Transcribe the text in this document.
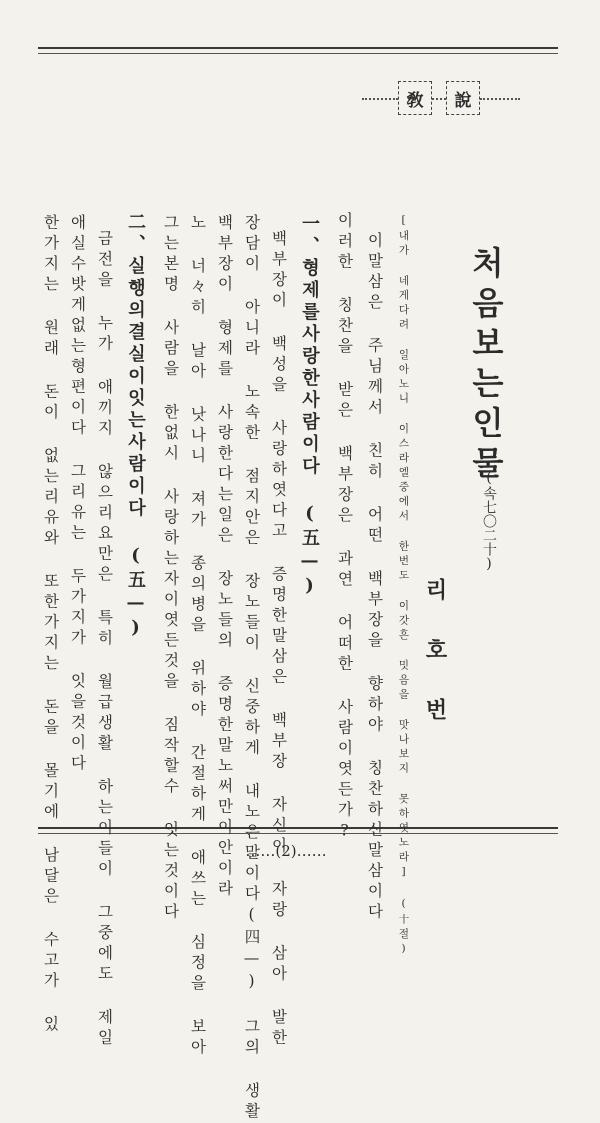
敎	說
처음보는인물
(속七〇二十)
리호번
[내가 네게다려 일아노니 이스라엘중에서 한번도 이갓흔 밋음을 맛나보지 못하엿노라] (十절)
이말삼은 주님께서 친히 어떤 백부장을 향하야 칭찬하신말삼이다
이러한 칭찬을 받은 백부장은 과연 어떠한 사람이엿든가?
一、형제를사랑한사람이다 (五—)
백부장이 백성을 사랑하엿다고 증명한말삼은 백부장 자신이 자랑 삼아 발한
장담이 아니라 노속한 점지안은 장노들이 신중하게 내노은말이다(四—) 그의 생활
백부장이 형제를 사랑한다는일은 장노들의 증명한말노써만이안이라
노 너々히 날아 낫나니 져가 종의병을 위하야 간절하게 애쓰는 심정을 보아
그는본명 사람을 한없시 사랑하는자이엿든것을 짐작할수 잇는것이다
二、실행의결실이잇는사람이다 (五—)
금전을 누가 애끼지 않으리요만은 특히 월급생활 하는이들이 그중에도 제일
애실수밧게없는형편이다 그리유는 두가지가 잇을것이다
한가지는 원래 돈이 없는리유와 또한가지는 돈을 몰기에 남달은 수고가 있	……(2)……
